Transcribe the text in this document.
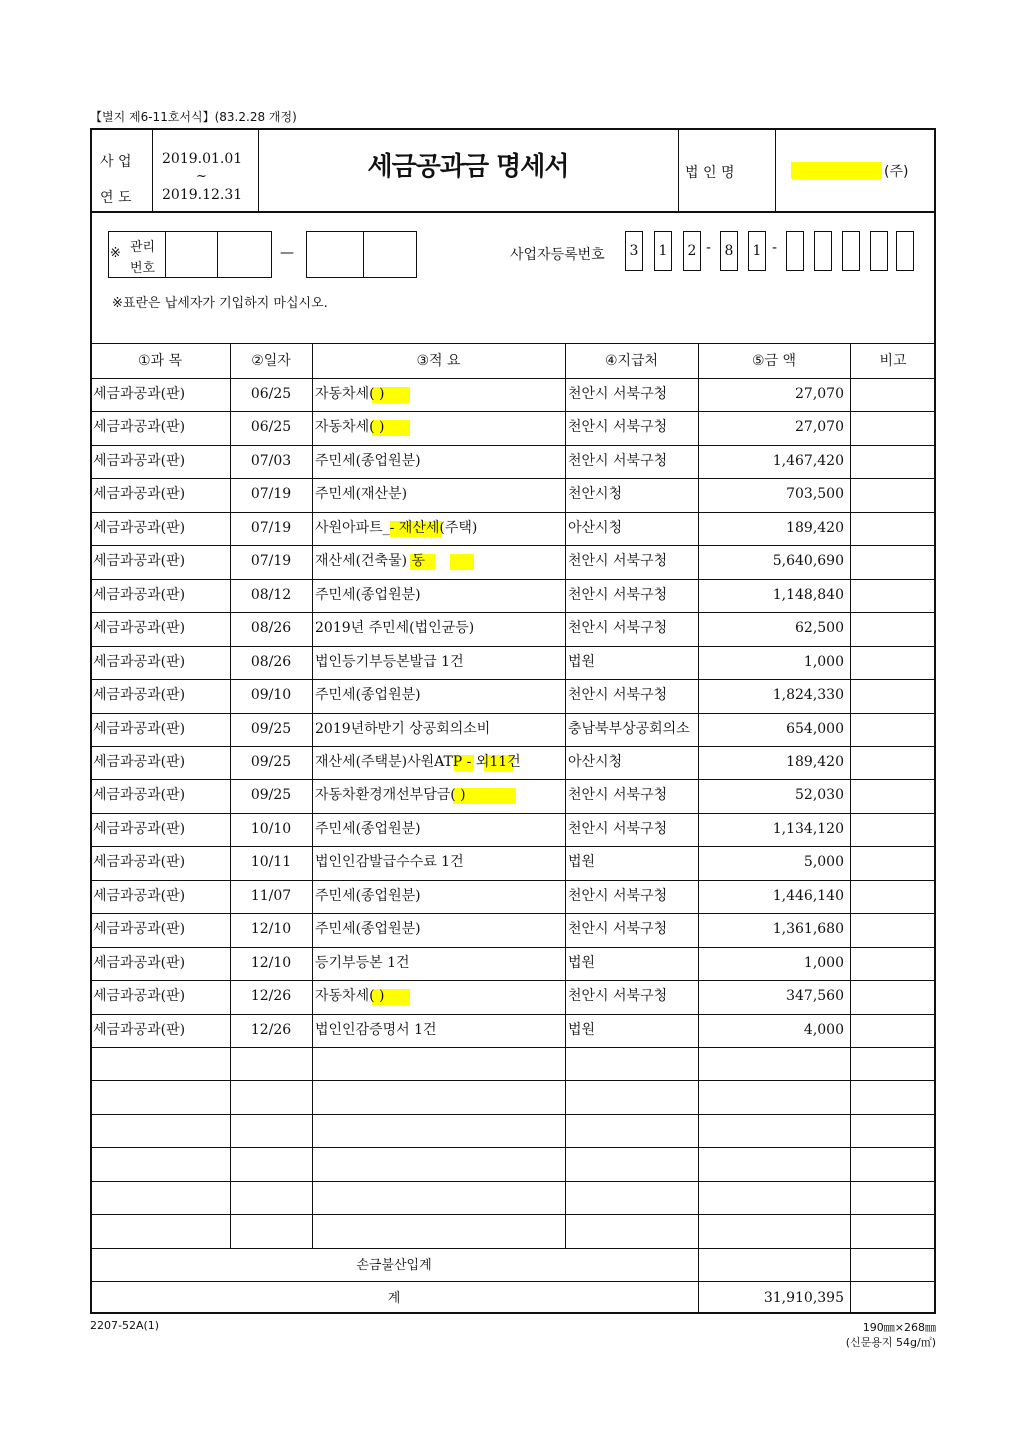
【별지 제6-11호서식】(83.2.28 개정)
사 업
연 도
2019.01.01
~
2019.12.31
세금공과금 명세서	법 인 명	(주)
※ 관리
번호
—	사업자등록번호	3	1	2 - 8	1 -
※표란은 납세자가 기입하지 마십시오.
①과 목	②일자	③적 요	④지급처	⑤금 액	비고
세금과공과(판)	06/25	자동차세( )	천안시 서북구청	27,070
세금과공과(판)	06/25	자동차세( )	천안시 서북구청	27,070
세금과공과(판)	07/03	주민세(종업원분)	천안시 서북구청	1,467,420
세금과공과(판)	07/19	주민세(재산분)	천안시청	703,500
세금과공과(판)	07/19	사원아파트_- 재산세(주택)	아산시청	189,420
세금과공과(판)	07/19	재산세(건축물) 동	천안시 서북구청	5,640,690
세금과공과(판)	08/12	주민세(종업원분)	천안시 서북구청	1,148,840
세금과공과(판)	08/26	2019년 주민세(법인균등)	천안시 서북구청	62,500
세금과공과(판)	08/26	법인등기부등본발급 1건	법원	1,000
세금과공과(판)	09/10	주민세(종업원분)	천안시 서북구청	1,824,330
세금과공과(판)	09/25	2019년하반기 상공회의소비	충남북부상공회의소	654,000
세금과공과(판)	09/25	재산세(주택분)사원ATP - 외11건	아산시청	189,420
세금과공과(판)	09/25	자동차환경개선부담금( )	천안시 서북구청	52,030
세금과공과(판)	10/10	주민세(종업원분)	천안시 서북구청	1,134,120
세금과공과(판)	10/11	법인인감발급수수료 1건	법원	5,000
세금과공과(판)	11/07	주민세(종업원분)	천안시 서북구청	1,446,140
세금과공과(판)	12/10	주민세(종업원분)	천안시 서북구청	1,361,680
세금과공과(판)	12/10	등기부등본 1건	법원	1,000
세금과공과(판)	12/26	자동차세( )	천안시 서북구청	347,560
세금과공과(판)	12/26	법인인감증명서 1건	법원	4,000
손금불산입계
계	31,910,395
2207-52A(1)	190㎜×268㎜
(신문용지 54g/㎡)
